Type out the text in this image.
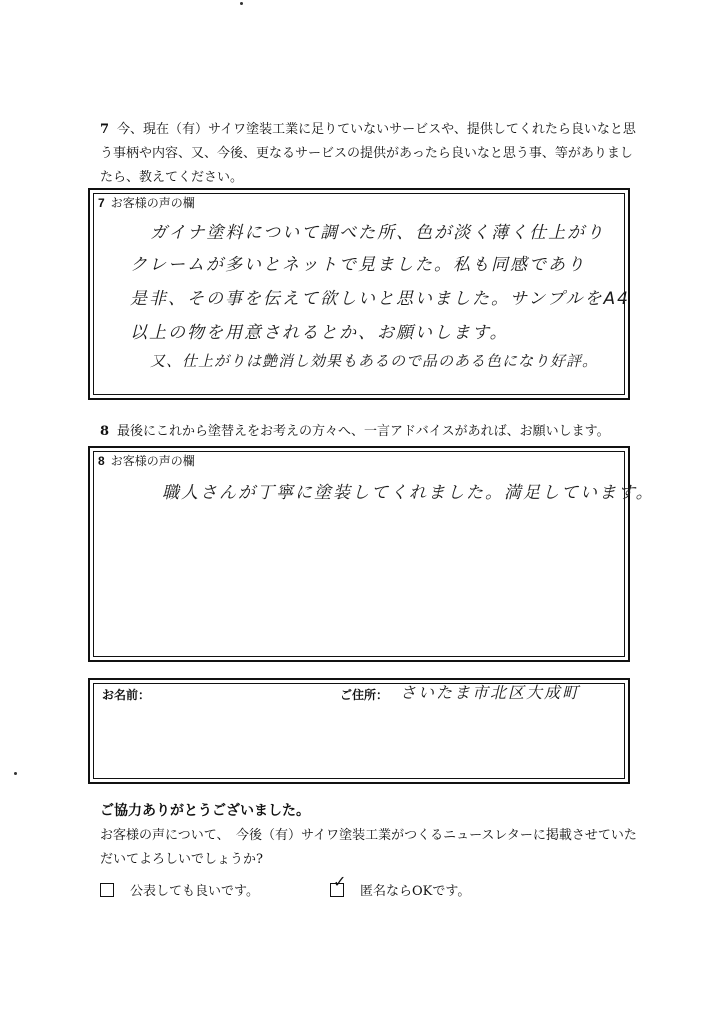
7 今、現在（有）サイワ塗装工業に足りていないサービスや、提供してくれたら良いなと思う事柄や内容、又、今後、更なるサービスの提供があったら良いなと思う事、等がありましたら、教えてください。
7 お客様の声の欄
ガイナ塗料について調べた所、色が淡く薄く仕上がり
クレームが多いとネットで見ました。私も同感であり
是非、その事を伝えて欲しいと思いました。サンプルをA4
以上の物を用意されるとか、お願いします。
又、仕上がりは艶消し効果もあるので品のある色になり好評。
8 最後にこれから塗替えをお考えの方々へ、一言アドバイスがあれば、お願いします。
8 お客様の声の欄
職人さんが丁寧に塗装してくれました。満足しています。
お名前：	ご住所： さいたま市北区大成町
ご協力ありがとうございました。
お客様の声について、　今後（有）サイワ塗装工業がつくるニュースレターに掲載させていただいてよろしいでしょうか?
公表しても良いです。
✓
匿名ならOKです。
